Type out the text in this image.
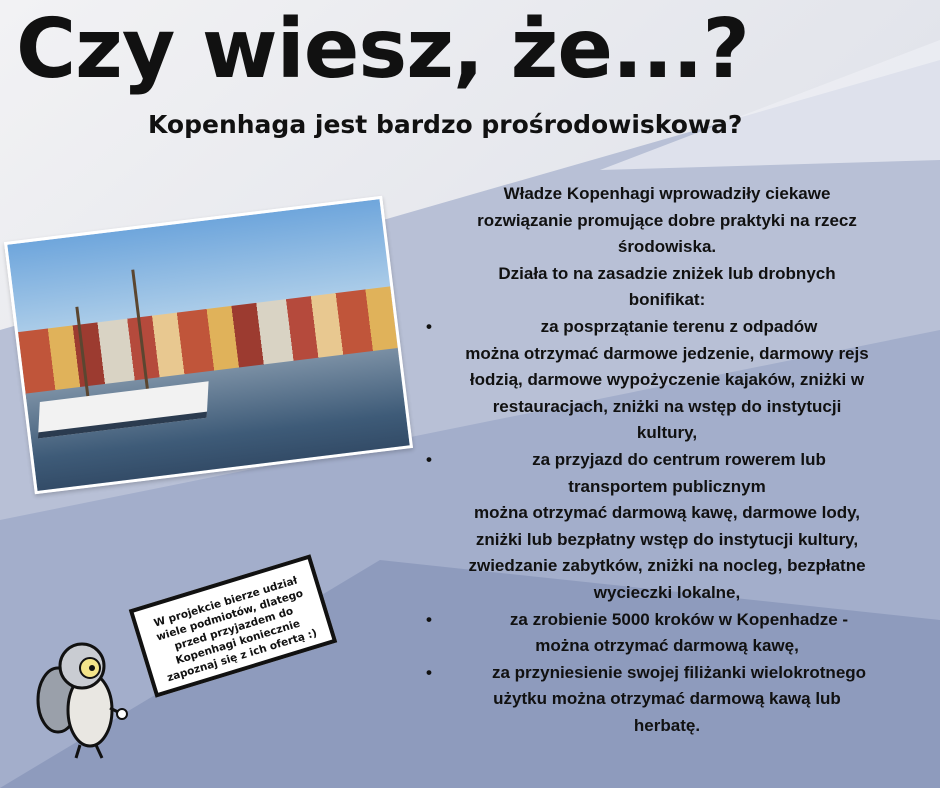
Czy wiesz, że...?
Kopenhaga jest bardzo prośrodowiskowa?
Władze Kopenhagi wprowadziły ciekawe
rozwiązanie promujące dobre praktyki na rzecz
środowiska.
Działa to na zasadzie zniżek lub drobnych
bonifikat:
•	za posprzątanie terenu z odpadów
można otrzymać darmowe jedzenie, darmowy rejs
łodzią, darmowe wypożyczenie kajaków, zniżki w
restauracjach, zniżki na wstęp do instytucji
kultury,
•	za przyjazd do centrum rowerem lub
transportem publicznym
można otrzymać darmową kawę, darmowe lody,
zniżki lub bezpłatny wstęp do instytucji kultury,
zwiedzanie zabytków, zniżki na nocleg, bezpłatne
wycieczki lokalne,
•	za zrobienie 5000 kroków w Kopenhadze -
można otrzymać darmową kawę,
•	za przyniesienie swojej filiżanki wielokrotnego
użytku można otrzymać darmową kawą lub
herbatę.
W projekcie bierze udział wiele podmiotów, dlatego przed przyjazdem do Kopenhagi koniecznie zapoznaj się z ich ofertą :)
